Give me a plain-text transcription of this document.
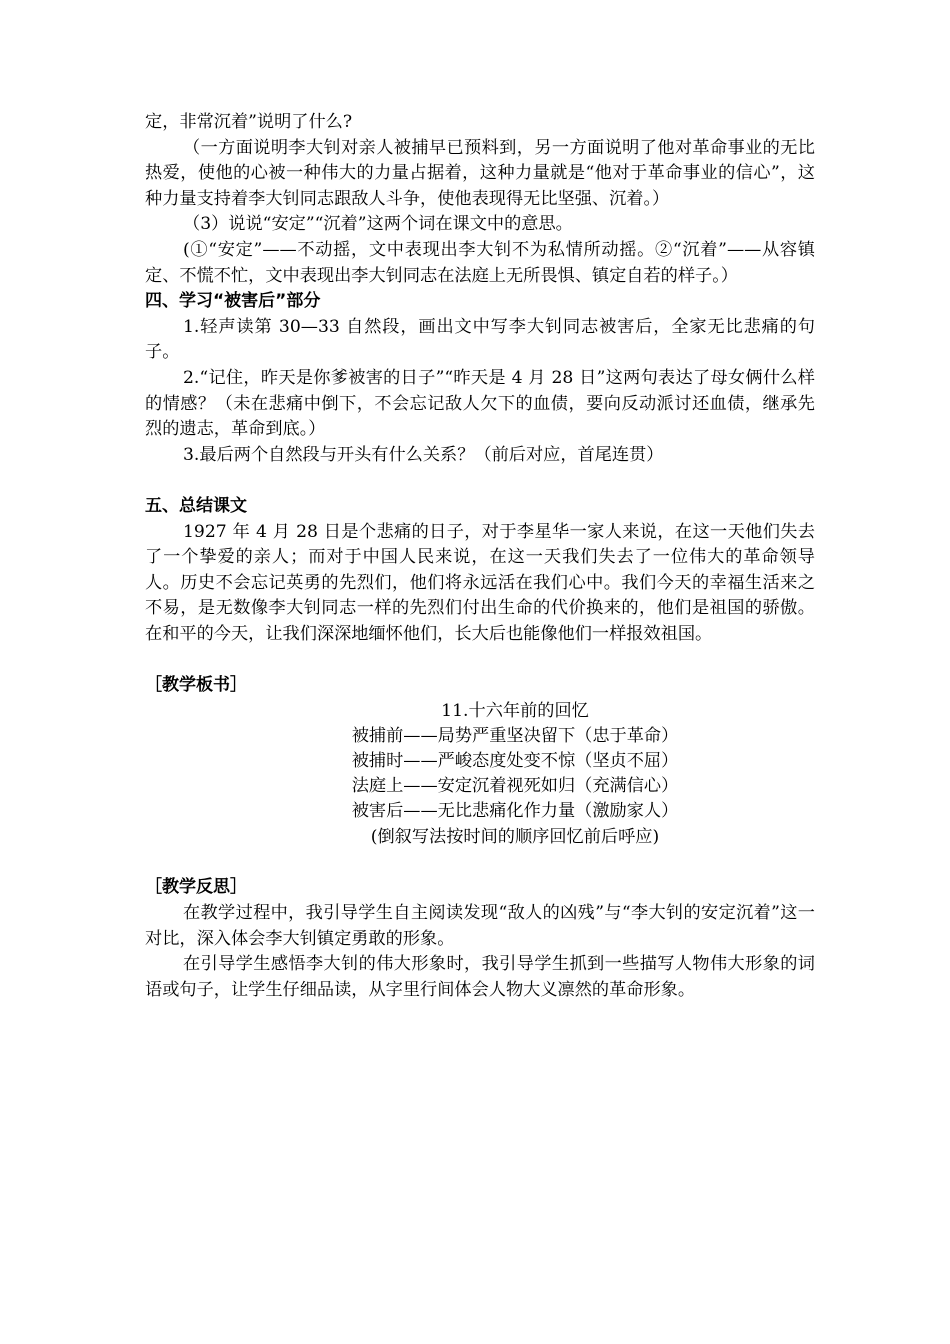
定，非常沉着”说明了什么?

（一方面说明李大钊对亲人被捕早已预料到，另一方面说明了他对革命事业的无比热爱，使他的心被一种伟大的力量占据着，这种力量就是“他对于革命事业的信心”，这种力量支持着李大钊同志跟敌人斗争，使他表现得无比坚强、沉着。）

（3）说说“安定”“沉着”这两个词在课文中的意思。

(①“安定”——不动摇，文中表现出李大钊不为私情所动摇。②“沉着”——从容镇定、不慌不忙，文中表现出李大钊同志在法庭上无所畏惧、镇定自若的样子。）

四、学习“被害后”部分

1.轻声读第 30—33 自然段，画出文中写李大钊同志被害后，全家无比悲痛的句子。

2.“记住，昨天是你爹被害的日子”“昨天是 4 月 28 日”这两句表达了母女俩什么样的情感？（未在悲痛中倒下，不会忘记敌人欠下的血债，要向反动派讨还血债，继承先烈的遗志，革命到底。）

3.最后两个自然段与开头有什么关系？（前后对应，首尾连贯）

五、总结课文

1927 年 4 月 28 日是个悲痛的日子，对于李星华一家人来说，在这一天他们失去了一个挚爱的亲人；而对于中国人民来说，在这一天我们失去了一位伟大的革命领导人。历史不会忘记英勇的先烈们，他们将永远活在我们心中。我们今天的幸福生活来之不易，是无数像李大钊同志一样的先烈们付出生命的代价换来的，他们是祖国的骄傲。在和平的今天，让我们深深地缅怀他们，长大后也能像他们一样报效祖国。

［教学板书］

11.十六年前的回忆

被捕前——局势严重坚决留下（忠于革命）

被捕时——严峻态度处变不惊（坚贞不屈）

法庭上——安定沉着视死如归（充满信心）

被害后——无比悲痛化作力量（激励家人）

(倒叙写法按时间的顺序回忆前后呼应)

［教学反思］

在教学过程中，我引导学生自主阅读发现“敌人的凶残”与“李大钊的安定沉着”这一对比，深入体会李大钊镇定勇敢的形象。

在引导学生感悟李大钊的伟大形象时，我引导学生抓到一些描写人物伟大形象的词语或句子，让学生仔细品读，从字里行间体会人物大义凛然的革命形象。
